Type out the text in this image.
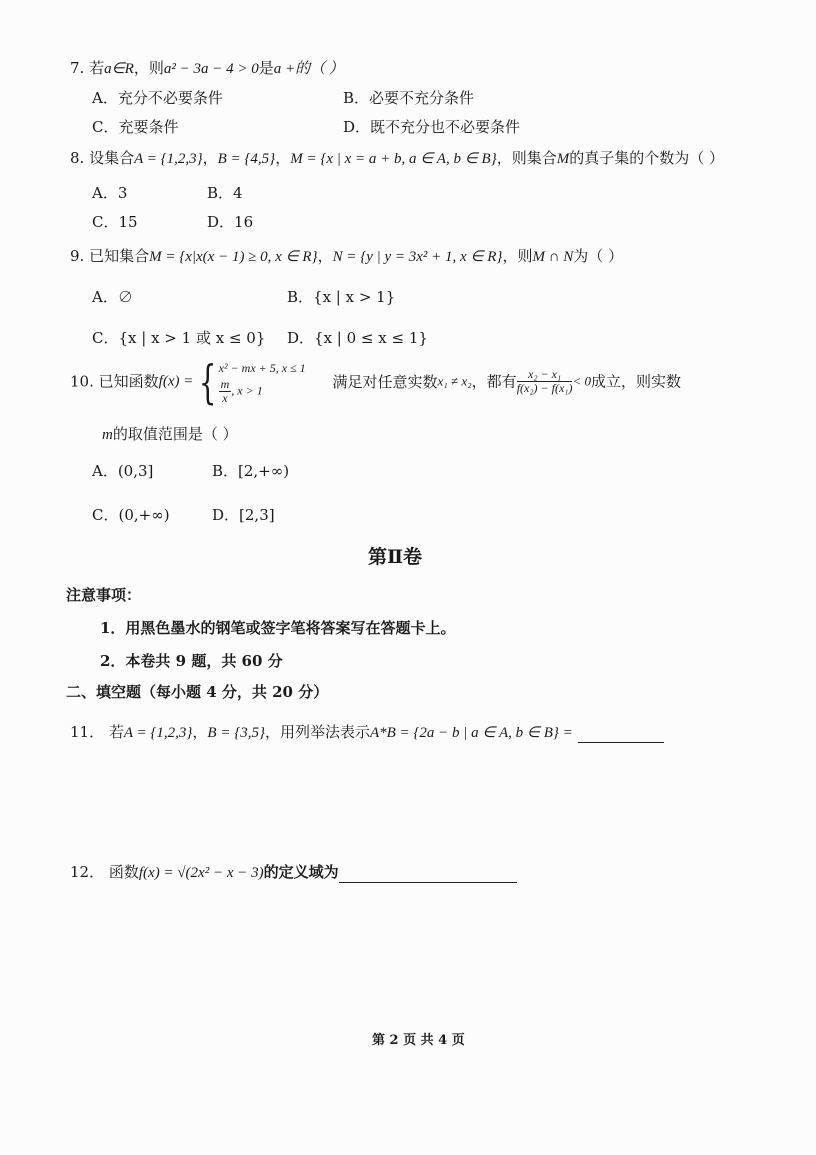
7. 若a∈R，则a² − 3a − 4 > 0是a +的（ ）
A．充分不必要条件	B．必要不充分条件
C．充要条件	D．既不充分也不必要条件
8. 设集合A = {1,2,3}，B = {4,5}，M = {x | x = a + b, a ∈ A, b ∈ B}，则集合M的真子集的个数为（ ）
A．3	B．4
C．15	D．16
9. 已知集合M = {x|x(x − 1) ≥ 0, x ∈ R}，N = {y | y = 3x² + 1, x ∈ R}，则M ∩ N为（ ）
A．∅	B．{x | x > 1}
C．{x | x > 1 或 x ≤ 0} D．{x | 0 ≤ x ≤ 1}
10. 已知函数f(x) = { x² − mx + 5, x ≤ 1
$\frac{m}{x}$ , x > 1	满足对任意实数x₁ ≠ x₂，都有 $\frac{\text{x₂ − x₁}}{\text{f(x₂) − f(x₁)}} < 0$成立，则实数
m的取值范围是（ ）
A．(0,3]	B．[2,+∞)
C．(0,+∞)	D．[2,3]
第Ⅱ卷
注意事项：
1．用黑色墨水的钢笔或签字笔将答案写在答题卡上。
2．本卷共 9 题，共 60 分
二、填空题（每小题 4 分，共 20 分）
11． 若A = {1,2,3}，B = {3,5}，用列举法表示A*B = {2a − b | a ∈ A, b ∈ B} =
12． 函数f(x) = √(2x² − x − 3)的定义域为
第 2 页 共 4 页
